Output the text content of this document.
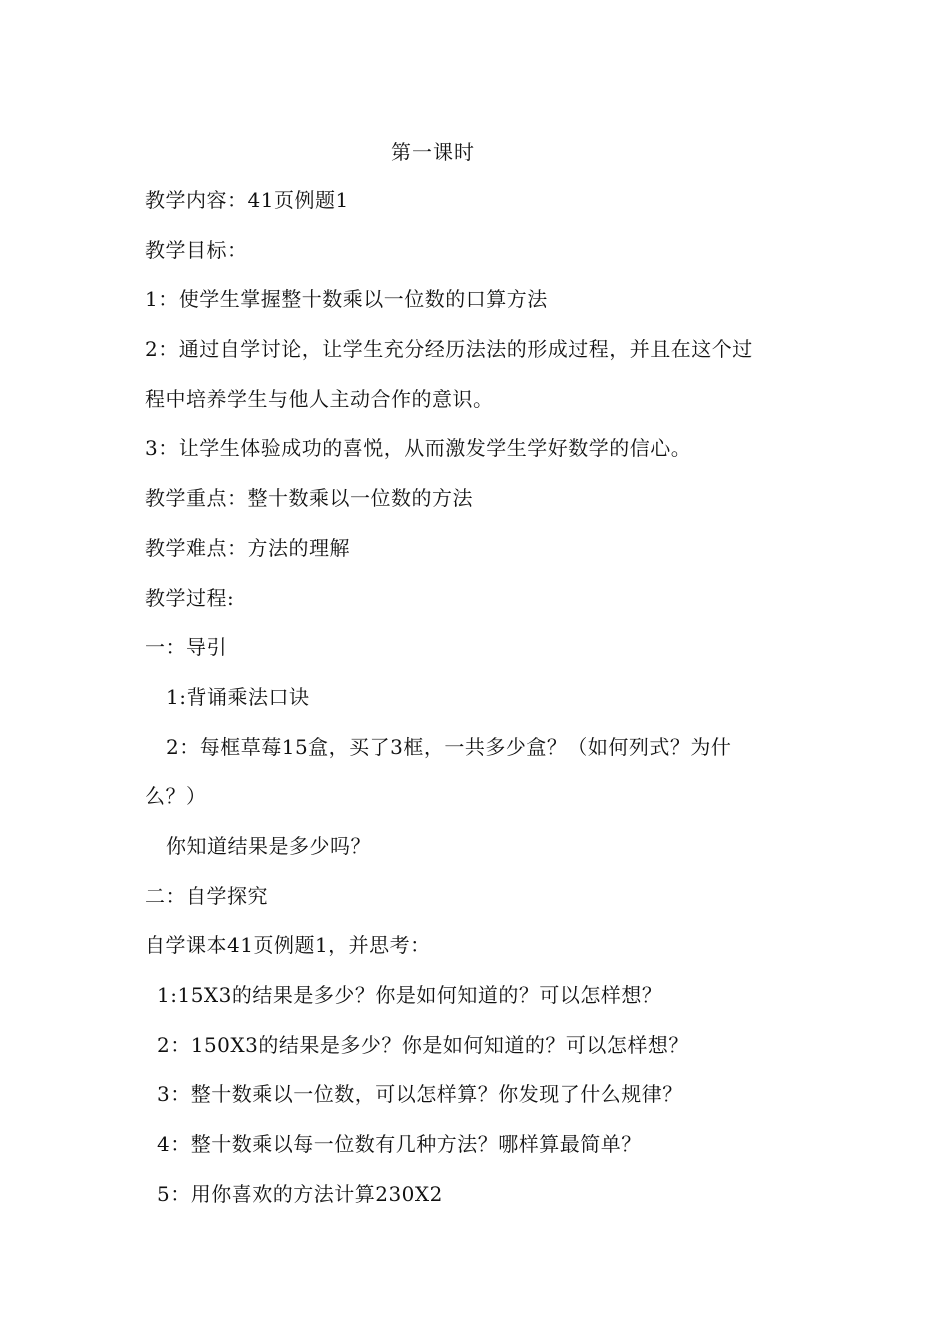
第一课时
教学内容：41页例题1
教学目标：
1：使学生掌握整十数乘以一位数的口算方法
2：通过自学讨论，让学生充分经历法法的形成过程，并且在这个过
程中培养学生与他人主动合作的意识。
3：让学生体验成功的喜悦，从而激发学生学好数学的信心。
教学重点：整十数乘以一位数的方法
教学难点：方法的理解
教学过程:
一：导引
1:背诵乘法口诀
2：每框草莓15盒，买了3框，一共多少盒？（如何列式？为什
么？）
你知道结果是多少吗？
二：自学探究
自学课本41页例题1，并思考：
1:15X3的结果是多少？你是如何知道的？可以怎样想？
2：150X3的结果是多少？你是如何知道的？可以怎样想？
3：整十数乘以一位数，可以怎样算？你发现了什么规律？
4：整十数乘以每一位数有几种方法？哪样算最简单？
5：用你喜欢的方法计算230X2
